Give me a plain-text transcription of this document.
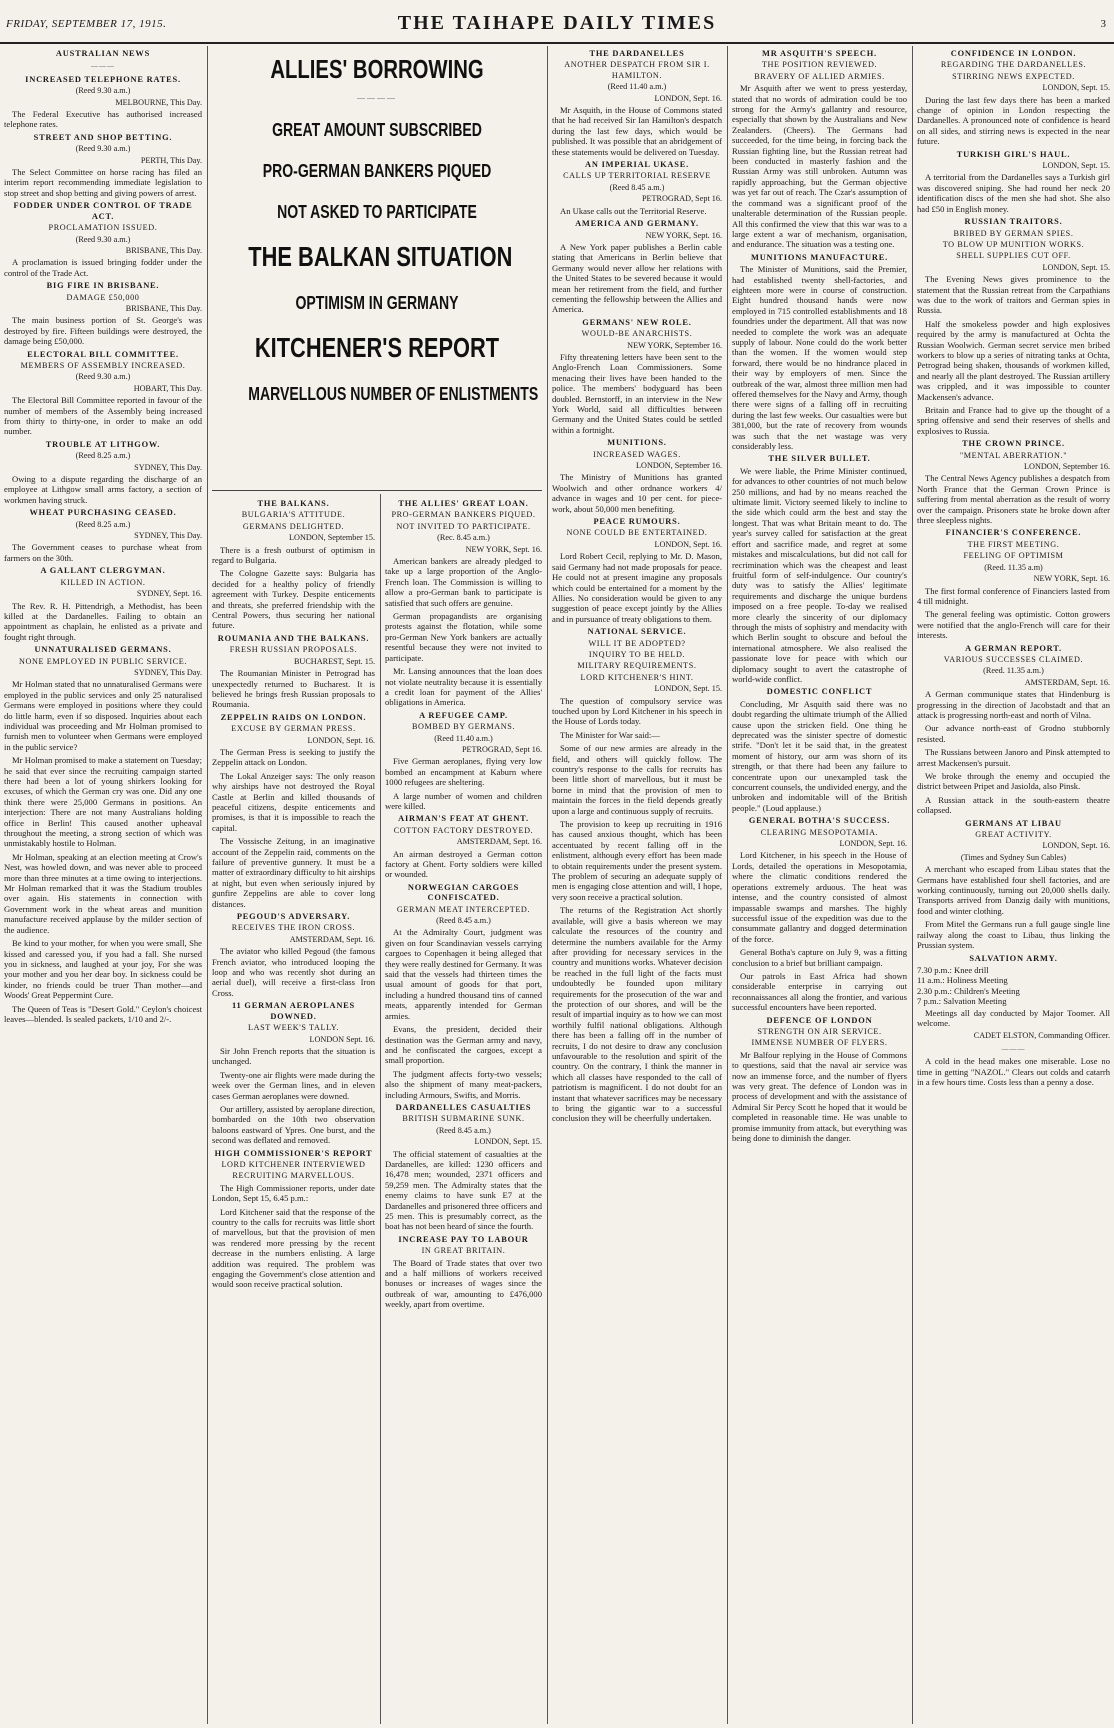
FRIDAY, SEPTEMBER 17, 1915.	THE TAIHAPE DAILY TIMES	3
AUSTRALIAN NEWS
———
INCREASED TELEPHONE RATES.
(Reed 9.30 a.m.)
MELBOURNE, This Day.

The Federal Executive has authorised increased telephone rates.

STREET AND SHOP BETTING.
(Reed 9.30 a.m.)
PERTH, This Day.

The Select Committee on horse racing has filed an interim report recommending immediate legislation to stop street and shop betting and giving powers of arrest.

FODDER UNDER CONTROL OF TRADE ACT.
PROCLAMATION ISSUED.
(Reed 9.30 a.m.)
BRISBANE, This Day.

A proclamation is issued bringing fodder under the control of the Trade Act.

BIG FIRE IN BRISBANE.
DAMAGE £50,000
BRISBANE, This Day.

The main business portion of St. George's was destroyed by fire. Fifteen buildings were destroyed, the damage being £50,000.

ELECTORAL BILL COMMITTEE.
MEMBERS OF ASSEMBLY INCREASED.
(Reed 9.30 a.m.)
HOBART, This Day.

The Electoral Bill Committee reported in favour of the number of members of the Assembly being increased from thirty to thirty-one, in order to make an odd number.

TROUBLE AT LITHGOW.
(Reed 8.25 a.m.)
SYDNEY, This Day.

Owing to a dispute regarding the discharge of an employee at Lithgow small arms factory, a section of workmen having struck.

WHEAT PURCHASING CEASED.
(Reed 8.25 a.m.)
SYDNEY, This Day.

The Government ceases to purchase wheat from farmers on the 30th.

A GALLANT CLERGYMAN.
KILLED IN ACTION.
SYDNEY, Sept. 16.

The Rev. R. H. Pittendrigh, a Methodist, has been killed at the Dardanelles. Failing to obtain an appointment as chaplain, he enlisted as a private and fought right through.

UNNATURALISED GERMANS.
NONE EMPLOYED IN PUBLIC SERVICE.
SYDNEY, This Day.

Mr Holman stated that no unnaturalised Germans were employed in the public services and only 25 naturalised Germans were employed in positions where they could do little harm, even if so disposed. Inquiries about each individual was proceeding and Mr Holman promised to furnish men to volunteer when Germans were employed in the public service?

Mr Holman promised to make a statement on Tuesday; he said that ever since the recruiting campaign started there had been a lot of young shirkers looking for excuses, of which the German cry was one. Did any one think there were 25,000 Germans in positions. An interjection: There are not many Australians holding office in Berlin! This caused another upheaval throughout the meeting, a strong section of which was unmistakably hostile to Holman.

Mr Holman, speaking at an election meeting at Crow's Nest, was howled down, and was never able to proceed more than three minutes at a time owing to interjections. Mr Holman remarked that it was the Stadium troubles over again. His statements in connection with Government work in the wheat areas and munition manufacture received applause by the milder section of the audience.

Be kind to your mother, for when you were small, She kissed and caressed you, if you had a fall. She nursed you in sickness, and laughed at your joy, For she was your mother and you her dear boy. In sickness could be kinder, no friends could be truer Than mother—and Woods' Great Peppermint Cure.

The Queen of Teas is "Desert Gold." Ceylon's choicest leaves—blended. Is sealed packets, 1/10 and 2/-.

ALLIES' BORROWING
————
GREAT AMOUNT SUBSCRIBED
PRO-GERMAN BANKERS PIQUED
NOT ASKED TO PARTICIPATE
THE BALKAN SITUATION
OPTIMISM IN GERMANY
KITCHENER'S REPORT
MARVELLOUS NUMBER OF ENLISTMENTS
THE BALKANS.
BULGARIA'S ATTITUDE.
GERMANS DELIGHTED.
LONDON, September 15.

There is a fresh outburst of optimism in regard to Bulgaria.

The Cologne Gazette says: Bulgaria has decided for a healthy policy of friendly agreement with Turkey. Despite enticements and threats, she preferred friendship with the Central Powers, thus securing her national future.

ROUMANIA AND THE BALKANS.
FRESH RUSSIAN PROPOSALS.
BUCHAREST, Sept. 15.

The Roumanian Minister in Petrograd has unexpectedly returned to Bucharest. It is believed he brings fresh Russian proposals to Roumania.

ZEPPELIN RAIDS ON LONDON.
EXCUSE BY GERMAN PRESS.
LONDON, Sept. 16.

The German Press is seeking to justify the Zeppelin attack on London.

The Lokal Anzeiger says: The only reason why airships have not destroyed the Royal Castle at Berlin and killed thousands of peaceful citizens, despite enticements and promises, is that it is impossible to reach the capital.

The Vossische Zeitung, in an imaginative account of the Zeppelin raid, comments on the failure of preventive gunnery. It must be a matter of extraordinary difficulty to hit airships at night, but even when seriously injured by gunfire Zeppelins are able to cover long distances.

PEGOUD'S ADVERSARY.
RECEIVES THE IRON CROSS.
AMSTERDAM, Sept. 16.

The aviator who killed Pegoud (the famous French aviator, who introduced looping the loop and who was recently shot during an aerial duel), will receive a first-class Iron Cross.

11 GERMAN AEROPLANES DOWNED.
LAST WEEK'S TALLY.
LONDON Sept. 16.

Sir John French reports that the situation is unchanged.

Twenty-one air flights were made during the week over the German lines, and in eleven cases German aeroplanes were downed.

Our artillery, assisted by aeroplane direction, bombarded on the 10th two observation baloons eastward of Ypres. One burst, and the second was deflated and removed.

HIGH COMMISSIONER'S REPORT
LORD KITCHENER INTERVIEWED
RECRUITING MARVELLOUS.

The High Commissioner reports, under date London, Sept 15, 6.45 p.m.:

Lord Kitchener said that the response of the country to the calls for recruits was little short of marvellous, but that the provision of men was rendered more pressing by the recent decrease in the numbers enlisting. A large addition was required. The problem was engaging the Government's close attention and would soon receive practical solution.

THE ALLIES' GREAT LOAN.
PRO-GERMAN BANKERS PIQUED.
NOT INVITED TO PARTICIPATE.
(Rec. 8.45 a.m.)
NEW YORK, Sept. 16.

American bankers are already pledged to take up a large proportion of the Anglo-French loan. The Commission is willing to allow a pro-German bank to participate is satisfied that such offers are genuine.

German propagandists are organising protests against the flotation, while some pro-German New York bankers are actually resentful because they were not invited to participate.

Mr. Lansing announces that the loan does not violate neutrality because it is essentially a credit loan for payment of the Allies' obligations in America.

A REFUGEE CAMP.
BOMBED BY GERMANS.
(Reed 11.40 a.m.)
PETROGRAD, Sept 16.

Five German aeroplanes, flying very low bombed an encampment at Kaburn where 1000 refugees are sheltering.

A large number of women and children were killed.

AIRMAN'S FEAT AT GHENT.
COTTON FACTORY DESTROYED.
AMSTERDAM, Sept. 16.

An airman destroyed a German cotton factory at Ghent. Forty soldiers were killed or wounded.

NORWEGIAN CARGOES CONFISCATED.
GERMAN MEAT INTERCEPTED.
(Reed 8.45 a.m.)

At the Admiralty Court, judgment was given on four Scandinavian vessels carrying cargoes to Copenhagen it being alleged that they were really destined for Germany. It was said that the vessels had thirteen times the usual amount of goods for that port, including a hundred thousand tins of canned meats, apparently intended for German armies.

Evans, the president, decided their destination was the German army and navy, and he confiscated the cargoes, except a small proportion.

The judgment affects forty-two vessels; also the shipment of many meat-packers, including Armours, Swifts, and Morris.

DARDANELLES CASUALTIES
BRITISH SUBMARINE SUNK.
(Reed 8.45 a.m.)
LONDON, Sept. 15.

The official statement of casualties at the Dardanelles, are killed: 1230 officers and 16,478 men; wounded, 2371 officers and 59,259 men. The Admiralty states that the enemy claims to have sunk E7 at the Dardanelles and prisonered three officers and 25 men. This is presumably correct, as the boat has not been heard of since the fourth.

INCREASE PAY TO LABOUR
IN GREAT BRITAIN.

The Board of Trade states that over two and a half millions of workers received bonuses or increases of wages since the outbreak of war, amounting to £476,000 weekly, apart from overtime.

THE DARDANELLES
ANOTHER DESPATCH FROM SIR I. HAMILTON.
(Reed 11.40 a.m.)
LONDON, Sept. 16.

Mr Asquith, in the House of Commons stated that he had received Sir Ian Hamilton's despatch during the last few days, which would be published. It was possible that an abridgement of these statements would be delivered on Tuesday.

AN IMPERIAL UKASE.
CALLS UP TERRITORIAL RESERVE
(Reed 8.45 a.m.)
PETROGRAD, Sept 16.

An Ukase calls out the Territorial Reserve.

AMERICA AND GERMANY.
NEW YORK, Sept. 16.

A New York paper publishes a Berlin cable stating that Americans in Berlin believe that Germany would never allow her relations with the United States to be severed because it would mean her retirement from the field, and further cementing the fellowship between the Allies and America.

GERMANS' NEW ROLE.
WOULD-BE ANARCHISTS.
NEW YORK, September 16.

Fifty threatening letters have been sent to the Anglo-French Loan Commissioners. Some menacing their lives have been handed to the police. The members' bodyguard has been doubled. Bernstorff, in an interview in the New York World, said all difficulties between Germany and the United States could be settled within a fortnight.

MUNITIONS.
INCREASED WAGES.
LONDON, September 16.

The Ministry of Munitions has granted Woolwich and other ordnance workers 4/ advance in wages and 10 per cent. for piece-work, about 50,000 men benefiting.

PEACE RUMOURS.
NONE COULD BE ENTERTAINED.
LONDON, Sept. 16.

Lord Robert Cecil, replying to Mr. D. Mason, said Germany had not made proposals for peace. He could not at present imagine any proposals which could be entertained for a moment by the Allies. No consideration would be given to any suggestion of peace except jointly by the Allies and in pursuance of treaty obligations to them.

NATIONAL SERVICE.
WILL IT BE ADOPTED?
INQUIRY TO BE HELD.
MILITARY REQUIREMENTS.
LORD KITCHENER'S HINT.
LONDON, Sept. 15.

The question of compulsory service was touched upon by Lord Kitchener in his speech in the House of Lords today.

The Minister for War said:—

Some of our new armies are already in the field, and others will quickly follow. The country's response to the calls for recruits has been little short of marvellous, but it must be borne in mind that the provision of men to maintain the forces in the field depends greatly upon a large and continuous supply of recruits.

The provision to keep up recruiting in 1916 has caused anxious thought, which has been accentuated by recent falling off in the enlistment, although every effort has been made to obtain requirements under the present system. The problem of securing an adequate supply of men is engaging close attention and will, I hope, very soon receive a practical solution.

The returns of the Registration Act shortly available, will give a basis whereon we may calculate the resources of the country and determine the numbers available for the Army after providing for necessary services in the country and munitions works. Whatever decision be reached in the full light of the facts must undoubtedly be founded upon military requirements for the prosecution of the war and the protection of our shores, and will be the result of impartial inquiry as to how we can most worthily fulfil national obligations. Although there has been a falling off in the number of recruits, I do not desire to draw any conclusion unfavourable to the resolution and spirit of the country. On the contrary, I think the manner in which all classes have responded to the call of patriotism is magnificent. I do not doubt for an instant that whatever sacrifices may be necessary to bring the gigantic war to a successful conclusion they will be cheerfully undertaken.

MR ASQUITH'S SPEECH.
THE POSITION REVIEWED.
BRAVERY OF ALLIED ARMIES.

Mr Asquith after we went to press yesterday, stated that no words of admiration could be too strong for the Army's gallantry and resource, especially that shown by the Australians and New Zealanders. (Cheers). The Germans had succeeded, for the time being, in forcing back the Russian fighting line, but the Russian retreat had been conducted in masterly fashion and the Russian Army was still unbroken. Autumn was rapidly approaching, but the German objective was yet far out of reach. The Czar's assumption of the command was a significant proof of the unalterable determination of the Russian people. All this confirmed the view that this war was to a large extent a war of mechanism, organisation, and endurance. The situation was a testing one.

MUNITIONS MANUFACTURE.

The Minister of Munitions, said the Premier, had established twenty shell-factories, and eighteen more were in course of construction. Eight hundred thousand hands were now employed in 715 controlled establishments and 18 foundries under the department. All that was now needed to complete the work was an adequate supply of labour. None could do the work better than the women. If the women would step forward, there would be no hindrance placed in their way by employers of men. Since the outbreak of the war, almost three million men had offered themselves for the Navy and Army, though there were signs of a falling off in recruiting during the last few weeks. Our casualties were but 381,000, but the rate of recovery from wounds was such that the net wastage was very considerably less.

THE SILVER BULLET.

We were liable, the Prime Minister continued, for advances to other countries of not much below 250 millions, and had by no means reached the ultimate limit. Victory seemed likely to incline to the side which could arm the best and stay the longest. That was what Britain meant to do. The year's survey called for satisfaction at the great effort and sacrifice made, and regret at some mistakes and miscalculations, but did not call for recrimination which was the cheapest and least fruitful form of self-indulgence. Our country's duty was to satisfy the Allies' legitimate requirements and discharge the unique burdens imposed on a free people. To-day we realised more clearly the sincerity of our diplomacy through the mists of sophistry and mendacity with which Berlin sought to obscure and befoul the international atmosphere. We also realised the passionate love for peace with which our diplomacy sought to avert the catastrophe of world-wide conflict.

DOMESTIC CONFLICT

Concluding, Mr Asquith said there was no doubt regarding the ultimate triumph of the Allied cause upon the stricken field. One thing he deprecated was the sinister spectre of domestic strife. "Don't let it be said that, in the greatest moment of history, our arm was shorn of its strength, or that there had been any failure to concentrate upon our unexampled task the concurrent counsels, the undivided energy, and the unbroken and indomitable will of the British people." (Loud applause.)

GENERAL BOTHA'S SUCCESS.
CLEARING MESOPOTAMIA.
LONDON, Sept. 16.

Lord Kitchener, in his speech in the House of Lords, detailed the operations in Mesopotamia, where the climatic conditions rendered the operations extremely arduous. The heat was intense, and the country consisted of almost impassable swamps and marshes. The highly successful issue of the expedition was due to the consummate gallantry and dogged determination of the force.

General Botha's capture on July 9, was a fitting conclusion to a brief but brilliant campaign.

Our patrols in East Africa had shown considerable enterprise in carrying out reconnaissances all along the frontier, and various successful encounters have been reported.

DEFENCE OF LONDON
STRENGTH ON AIR SERVICE.
IMMENSE NUMBER OF FLYERS.

Mr Balfour replying in the House of Commons to questions, said that the naval air service was now an immense force, and the number of flyers was very great. The defence of London was in process of development and with the assistance of Admiral Sir Percy Scott he hoped that it would be completed in reasonable time. He was unable to promise immunity from attack, but everything was being done to diminish the danger.

CONFIDENCE IN LONDON.
REGARDING THE DARDANELLES.
STIRRING NEWS EXPECTED.
LONDON, Sept. 15.

During the last few days there has been a marked change of opinion in London respecting the Dardanelles. A pronounced note of confidence is heard on all sides, and stirring news is expected in the near future.

TURKISH GIRL'S HAUL.
LONDON, Sept. 15.

A territorial from the Dardanelles says a Turkish girl was discovered sniping. She had round her neck 20 identification discs of the men she had shot. She also had £50 in English money.

RUSSIAN TRAITORS.
BRIBED BY GERMAN SPIES.
TO BLOW UP MUNITION WORKS.
SHELL SUPPLIES CUT OFF.
LONDON, Sept. 15.

The Evening News gives prominence to the statement that the Russian retreat from the Carpathians was due to the work of traitors and German spies in Russia.

Half the smokeless powder and high explosives required by the army is manufactured at Ochta the Russian Woolwich. German secret service men bribed workers to blow up a series of nitrating tanks at Ochta, Petrograd being shaken, thousands of workmen killed, and nearly all the plant destroyed. The Russian artillery was crippled, and it was impossible to counter Mackensen's advance.

Britain and France had to give up the thought of a spring offensive and send their reserves of shells and explosives to Russia.

THE CROWN PRINCE.
"MENTAL ABERRATION."
LONDON, September 16.

The Central News Agency publishes a despatch from North France that the German Crown Prince is suffering from mental aberration as the result of worry over the campaign. Prisoners state he broke down after three sleepless nights.

FINANCIER'S CONFERENCE.
THE FIRST MEETING.
FEELING OF OPTIMISM
(Reed. 11.35 a.m)
NEW YORK, Sept. 16.

The first formal conference of Financiers lasted from 4 till midnight.

The general feeling was optimistic. Cotton growers were notified that the anglo-French will care for their interests.

A GERMAN REPORT.
VARIOUS SUCCESSES CLAIMED.
(Reed. 11.35 a.m.)
AMSTERDAM, Sept. 16.

A German communique states that Hindenburg is progressing in the direction of Jacobstadt and that an attack is progressing north-east and north of Vilna.

Our advance north-east of Grodno stubbornly resisted.

The Russians between Janoro and Pinsk attempted to arrest Mackensen's pursuit.

We broke through the enemy and occupied the district between Pripet and Jasiolda, also Pinsk.

A Russian attack in the south-eastern theatre collapsed.

GERMANS AT LIBAU
GREAT ACTIVITY.
LONDON, Sept. 16.
(Times and Sydney Sun Cables)

A merchant who escaped from Libau states that the Germans have established four shell factories, and are working continuously, turning out 20,000 shells daily. Transports arrived from Danzig daily with munitions, food and winter clothing.

From Mitel the Germans run a full gauge single line railway along the coast to Libau, thus linking the Prussian system.

SALVATION ARMY.
7.30 p.m.: Knee drill
11 a.m.: Holiness Meeting
2.30 p.m.: Children's Meeting
7 p.m.: Salvation Meeting

Meetings all day conducted by Major Toomer. All welcome.

CADET ELSTON, Commanding Officer.
———

A cold in the head makes one miserable. Lose no time in getting "NAZOL." Clears out colds and catarrh in a few hours time. Costs less than a penny a dose.
